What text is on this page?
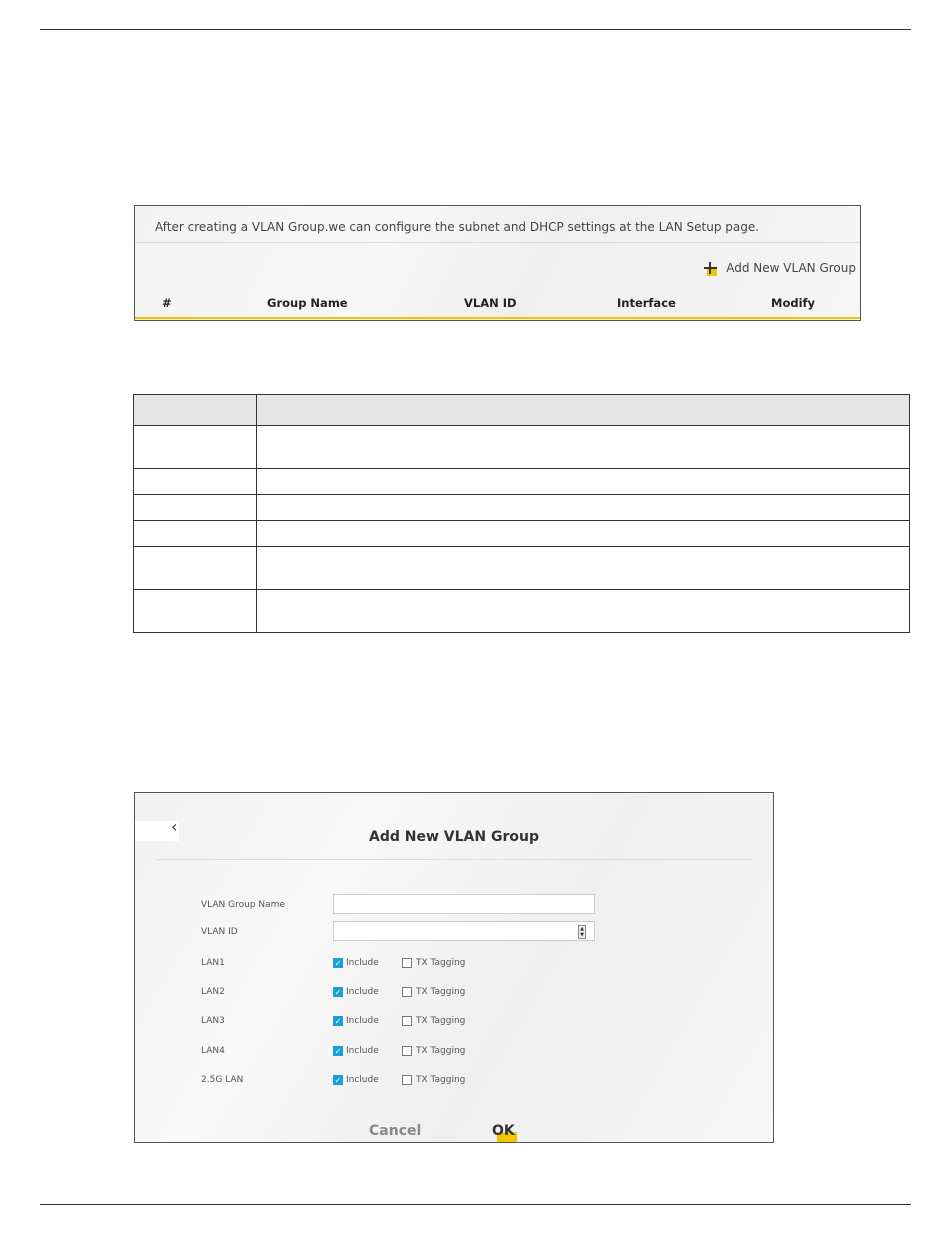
After creating a VLAN Group.we can configure the subnet and DHCP settings at the LAN Setup page.
Add New VLAN Group
#	Group Name	VLAN ID	Interface	Modify

‹
Add New VLAN Group
VLAN Group Name
VLAN ID	▲
▼
LAN1	✓ Include	TX Tagging
LAN2	✓ Include	TX Tagging
LAN3	✓ Include	TX Tagging
LAN4	✓ Include	TX Tagging
2.5G LAN	✓ Include	TX Tagging
Cancel	OK
